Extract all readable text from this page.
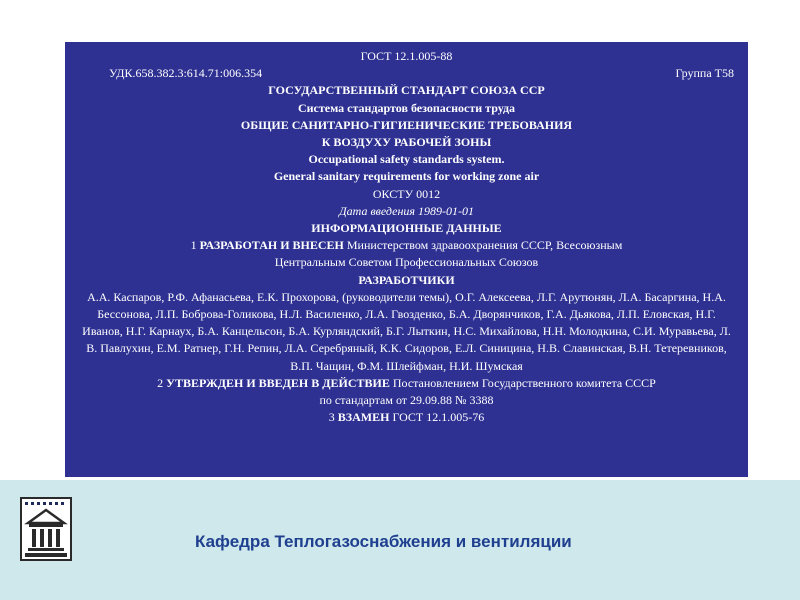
ГОСТ 12.1.005-88
УДК.658.382.3:614.71:006.354	Группа Т58
ГОСУДАРСТВЕННЫЙ СТАНДАРТ СОЮЗА ССР
Система стандартов безопасности труда
ОБЩИЕ САНИТАРНО-ГИГИЕНИЧЕСКИЕ ТРЕБОВАНИЯ
К ВОЗДУХУ РАБОЧЕЙ ЗОНЫ
Occupational safety standards system.
General sanitary requirements for working zone air
ОКСТУ 0012
Дата введения 1989-01-01
ИНФОРМАЦИОННЫЕ ДАННЫЕ
1 РАЗРАБОТАН И ВНЕСЕН Министерством здравоохранения СССР, Всесоюзным
Центральным Советом Профессиональных Союзов
РАЗРАБОТЧИКИ
А.А. Каспаров, Р.Ф. Афанасьева, Е.К. Прохорова, (руководители темы), О.Г. Алексеева, Л.Г. Арутюнян, Л.А. Басаргина, Н.А. Бессонова, Л.П. Боброва-Голикова, Н.Л. Василенко, Л.А. Гвозденко, Б.А. Дворянчиков, Г.А. Дьякова, Л.П. Еловская, Н.Г. Иванов, Н.Г. Карнаух, Б.А. Канцельсон, Б.А. Курляндский, Б.Г. Лыткин, Н.С. Михайлова, Н.Н. Молодкина, С.И. Муравьева, Л. В. Павлухин, Е.М. Ратнер, Г.Н. Репин, Л.А. Серебряный, К.К. Сидоров, Е.Л. Синицина, Н.В. Славинская, В.Н. Тетеревников, В.П. Чащин, Ф.М. Шлейфман, Н.И. Шумская
2 УТВЕРЖДЕН И ВВЕДЕН В ДЕЙСТВИЕ Постановлением Государственного комитета СССР
по стандартам от 29.09.88 № 3388
3 ВЗАМЕН ГОСТ 12.1.005-76
Кафедра Теплогазоснабжения и вентиляции
